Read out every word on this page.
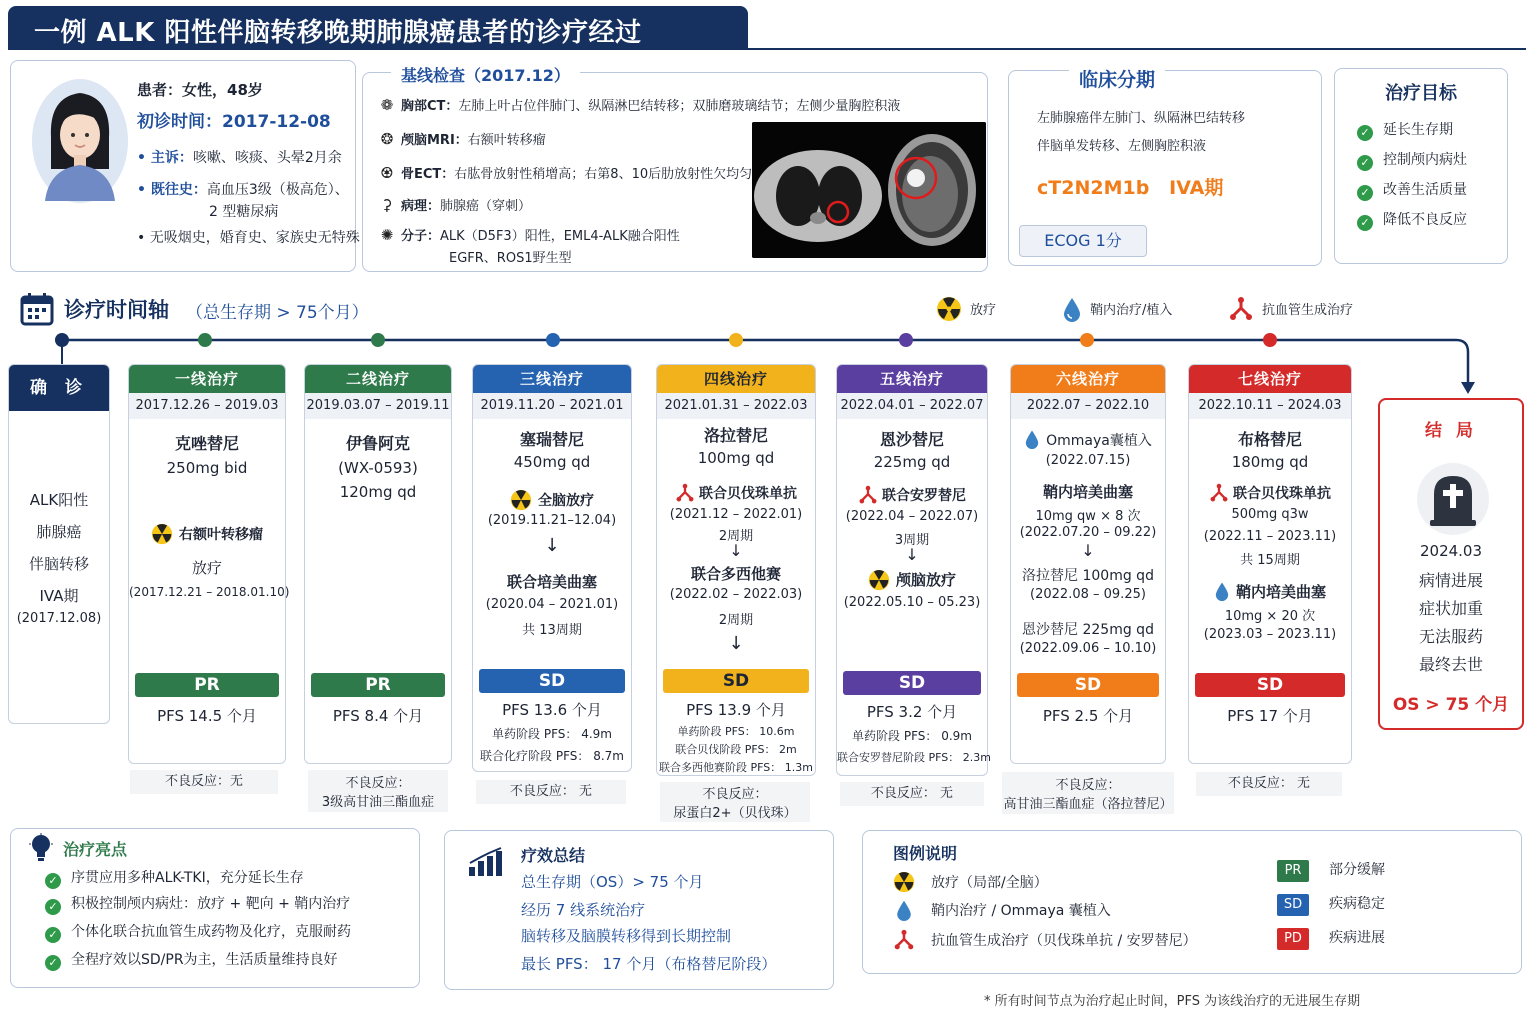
一例 ALK 阳性伴脑转移晚期肺腺癌患者的诊疗经过
患者：女性，48岁
初诊时间：2017-12-08
• 主诉：咳嗽、咳痰、头晕2月余
• 既往史：高血压3级（极高危）、
2 型糖尿病
• 无吸烟史，婚育史、家族史无特殊
基线检查（2017.12）
❁ 胸部CT：左肺上叶占位伴肺门、纵隔淋巴结转移；双肺磨玻璃结节；左侧少量胸腔积液
❂ 颅脑MRI：右额叶转移瘤
♼ 骨ECT：右肱骨放射性稍增高；右第8、10后肋放射性欠均匀
⚳ 病理：肺腺癌（穿刺）
✺ 分子：ALK（D5F3）阳性，EML4-ALK融合阳性
EGFR、ROS1野生型
临床分期
左肺腺癌伴左肺门、纵隔淋巴结转移
伴脑单发转移、左侧胸腔积液
cT2N2M1b   IVA期
ECOG 1分
治疗目标
✓ 延长生存期
✓ 控制颅内病灶
✓ 改善生活质量
✓ 降低不良反应
诊疗时间轴 （总生存期 > 75个月）	放疗	鞘内治疗/植入	抗血管生成治疗
确 诊
ALK阳性
肺腺癌
伴脑转移
IVA期
(2017.12.08)
一线治疗
2017.12.26 – 2019.03
克唑替尼
250mg bid
右额叶转移瘤
放疗
(2017.12.21 – 2018.01.10)
PR
PFS 14.5 个月
不良反应：无
二线治疗
2019.03.07 – 2019.11
伊鲁阿克
(WX-0593)
120mg qd
PR
PFS 8.4 个月
不良反应：
3级高甘油三酯血症
三线治疗
2019.11.20 – 2021.01
塞瑞替尼
450mg qd
全脑放疗
(2019.11.21–12.04)
↓
联合培美曲塞
(2020.04 – 2021.01)
共 13周期
SD
PFS 13.6 个月
单药阶段 PFS： 4.9m
联合化疗阶段 PFS： 8.7m
不良反应： 无
四线治疗
2021.01.31 – 2022.03
洛拉替尼
100mg qd
联合贝伐珠单抗
(2021.12 – 2022.01)
2周期
↓
联合多西他赛
(2022.02 – 2022.03)
2周期
↓
SD
PFS 13.9 个月
单药阶段 PFS： 10.6m
联合贝伐阶段 PFS： 2m
联合多西他赛阶段 PFS： 1.3m
不良反应：
尿蛋白2+（贝伐珠）
五线治疗
2022.04.01 – 2022.07
恩沙替尼
225mg qd
联合安罗替尼
(2022.04 – 2022.07)
3周期
↓
颅脑放疗
(2022.05.10 – 05.23)
SD
PFS 3.2 个月
单药阶段 PFS： 0.9m
联合安罗替尼阶段 PFS： 2.3m
不良反应： 无
六线治疗
2022.07 – 2022.10
Ommaya囊植入
(2022.07.15)
鞘内培美曲塞
10mg qw × 8 次
(2022.07.20 – 09.22)
↓
洛拉替尼 100mg qd
(2022.08 – 09.25)
恩沙替尼 225mg qd
(2022.09.06 – 10.10)
SD
PFS 2.5 个月
不良反应：
高甘油三酯血症（洛拉替尼）
七线治疗
2022.10.11 – 2024.03
布格替尼
180mg qd
联合贝伐珠单抗
500mg q3w
(2022.11 – 2023.11)
共 15周期
鞘内培美曲塞
10mg × 20 次
(2023.03 – 2023.11)
SD
PFS 17 个月
不良反应： 无
结 局
2024.03
病情进展
症状加重
无法服药
最终去世
OS > 75 个月
治疗亮点
✓ 序贯应用多种ALK-TKI，充分延长生存
✓ 积极控制颅内病灶：放疗 + 靶向 + 鞘内治疗
✓ 个体化联合抗血管生成药物及化疗，克服耐药
✓ 全程疗效以SD/PR为主，生活质量维持良好
疗效总结
总生存期（OS）> 75 个月
经历 7 线系统治疗
脑转移及脑膜转移得到长期控制
最长 PFS： 17 个月（布格替尼阶段）
图例说明
放疗（局部/全脑）
鞘内治疗 / Ommaya 囊植入
抗血管生成治疗（贝伐珠单抗 / 安罗替尼）
PR 部分缓解
SD 疾病稳定
PD 疾病进展
* 所有时间节点为治疗起止时间，PFS 为该线治疗的无进展生存期
